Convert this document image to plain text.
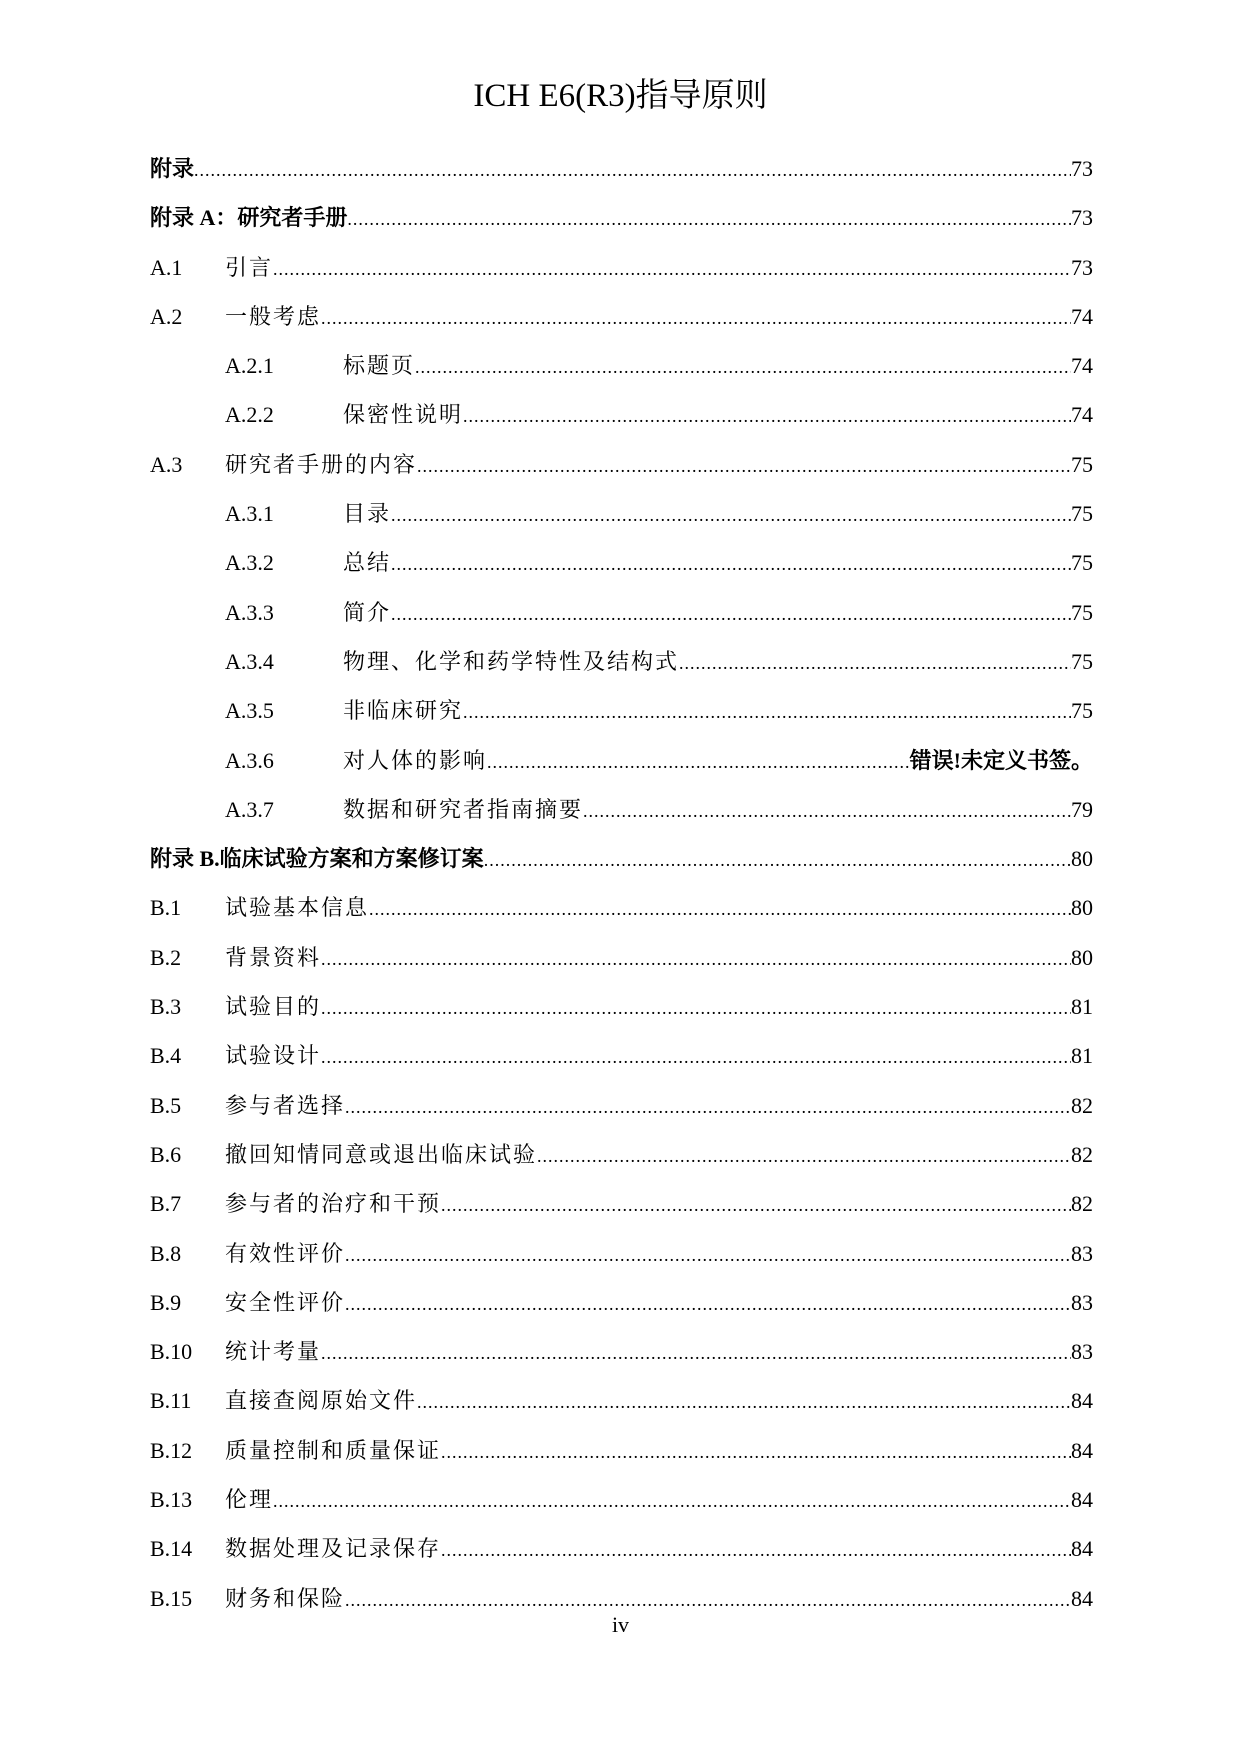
ICH E6(R3)指导原则
附录 .....	73
附录 A：研究者手册 .....	73
A.1	引言 .....	73
A.2	一般考虑 .....	74
A.2.1	标题页 .....	74
A.2.2	保密性说明 .....	74
A.3	研究者手册的内容 .....	75
A.3.1	目录 .....	75
A.3.2	总结 .....	75
A.3.3	简介 .....	75
A.3.4	物理、化学和药学特性及结构式 .....	75
A.3.5	非临床研究 .....	75
A.3.6	对人体的影响 .....	错误!未定义书签。
A.3.7	数据和研究者指南摘要 .....	79
附录 B.临床试验方案和方案修订案 .....	80
B.1	试验基本信息 .....	80
B.2	背景资料 .....	80
B.3	试验目的 .....	81
B.4	试验设计 .....	81
B.5	参与者选择 .....	82
B.6	撤回知情同意或退出临床试验 .....	82
B.7	参与者的治疗和干预 .....	82
B.8	有效性评价 .....	83
B.9	安全性评价 .....	83
B.10	统计考量 .....	83
B.11	直接查阅原始文件 .....	84
B.12	质量控制和质量保证 .....	84
B.13	伦理 .....	84
B.14	数据处理及记录保存 .....	84
B.15	财务和保险 .....	84
iv
